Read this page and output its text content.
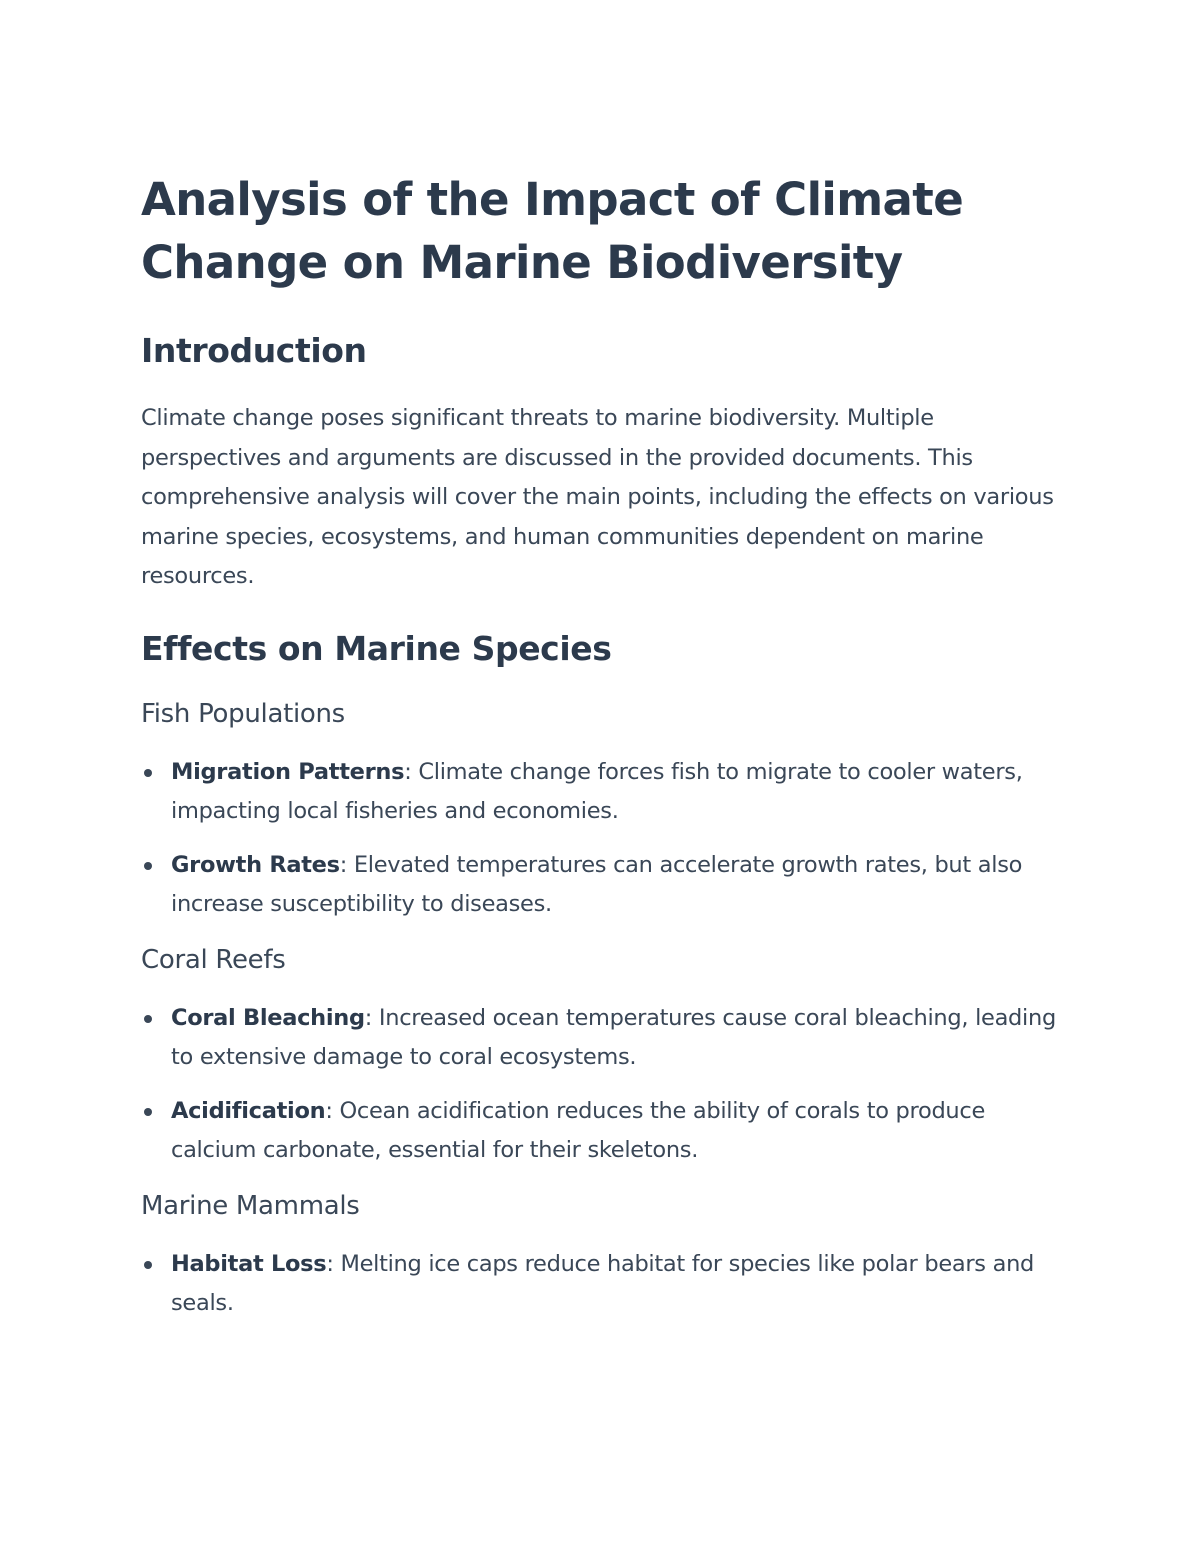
Analysis of the Impact of Climate Change on Marine Biodiversity
Introduction

Climate change poses significant threats to marine biodiversity. Multiple perspectives and arguments are discussed in the provided documents. This comprehensive analysis will cover the main points, including the effects on various marine species, ecosystems, and human communities dependent on marine resources.

Effects on Marine Species
Fish Populations
Migration Patterns: Climate change forces fish to migrate to cooler waters, impacting local fisheries and economies.
Growth Rates: Elevated temperatures can accelerate growth rates, but also increase susceptibility to diseases.
Coral Reefs
Coral Bleaching: Increased ocean temperatures cause coral bleaching, leading to extensive damage to coral ecosystems.
Acidification: Ocean acidification reduces the ability of corals to produce calcium carbonate, essential for their skeletons.
Marine Mammals
Habitat Loss: Melting ice caps reduce habitat for species like polar bears and seals.
